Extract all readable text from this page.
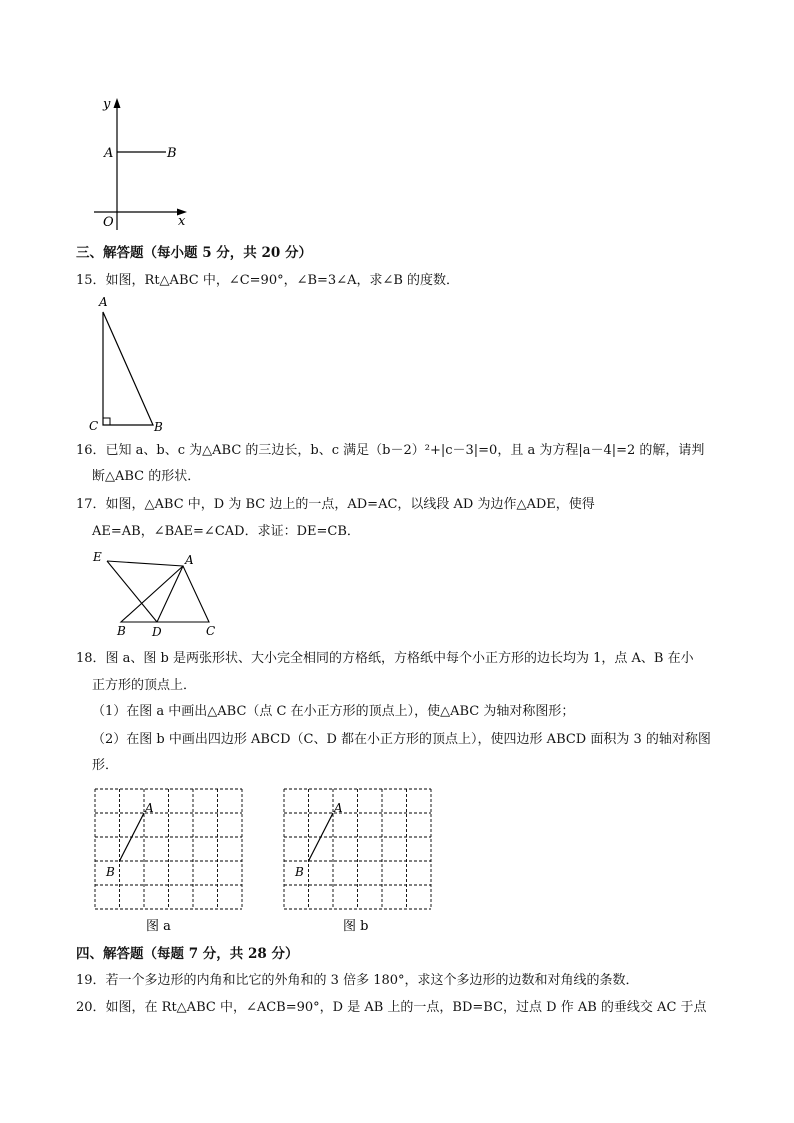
y
A	B
O	x
三、解答题（每小题 5 分，共 20 分）
15．如图，Rt△ABC 中，∠C=90°，∠B=3∠A，求∠B 的度数．
A
C	B
16．已知 a、b、c 为△ABC 的三边长，b、c 满足（b－2）²+|c－3|=0，且 a 为方程|a－4|=2 的解，请判
断△ABC 的形状．
17．如图，△ABC 中，D 为 BC 边上的一点，AD=AC，以线段 AD 为边作△ADE，使得
AE=AB，∠BAE=∠CAD．求证：DE=CB．
E	A
B D	C
18．图 a、图 b 是两张形状、大小完全相同的方格纸，方格纸中每个小正方形的边长均为 1，点 A、B 在小
正方形的顶点上．
（1）在图 a 中画出△ABC（点 C 在小正方形的顶点上），使△ABC 为轴对称图形；
（2）在图 b 中画出四边形 ABCD（C、D 都在小正方形的顶点上），使四边形 ABCD 面积为 3 的轴对称图
形．
A
B
图 a
A
B
图 b
四、解答题（每题 7 分，共 28 分）
19．若一个多边形的内角和比它的外角和的 3 倍多 180°，求这个多边形的边数和对角线的条数．
20．如图，在 Rt△ABC 中，∠ACB=90°，D 是 AB 上的一点，BD=BC，过点 D 作 AB 的垂线交 AC 于点
